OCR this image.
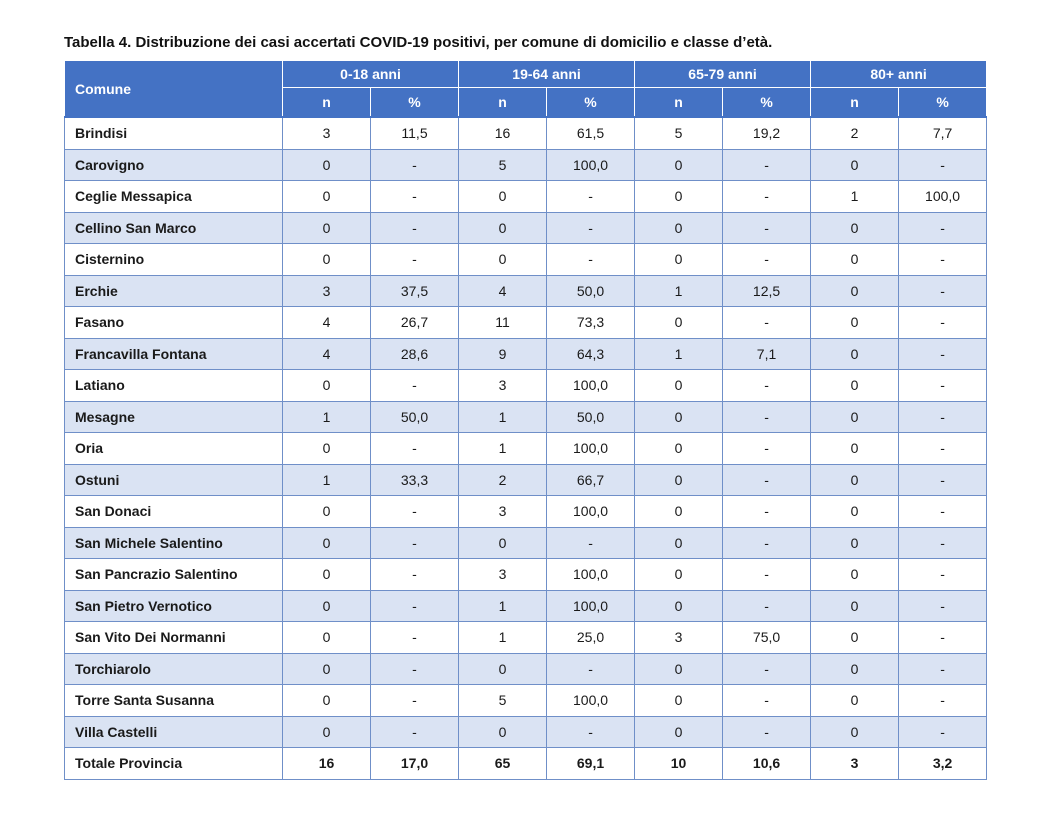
Tabella 4. Distribuzione dei casi accertati COVID-19 positivi, per comune di domicilio e classe d’età.
Comune	0-18 anni		19-64 anni		65-79 anni		80+ anni	
	n	%	n	%	n	%	n	%
Brindisi	3	11,5	16	61,5	5	19,2	2	7,7
Carovigno	0	-	5	100,0	0	-	0	-
Ceglie Messapica	0	-	0	-	0	-	1	100,0
Cellino San Marco	0	-	0	-	0	-	0	-
Cisternino	0	-	0	-	0	-	0	-
Erchie	3	37,5	4	50,0	1	12,5	0	-
Fasano	4	26,7	11	73,3	0	-	0	-
Francavilla Fontana	4	28,6	9	64,3	1	7,1	0	-
Latiano	0	-	3	100,0	0	-	0	-
Mesagne	1	50,0	1	50,0	0	-	0	-
Oria	0	-	1	100,0	0	-	0	-
Ostuni	1	33,3	2	66,7	0	-	0	-
San Donaci	0	-	3	100,0	0	-	0	-
San Michele Salentino	0	-	0	-	0	-	0	-
San Pancrazio Salentino	0	-	3	100,0	0	-	0	-
San Pietro Vernotico	0	-	1	100,0	0	-	0	-
San Vito Dei Normanni	0	-	1	25,0	3	75,0	0	-
Torchiarolo	0	-	0	-	0	-	0	-
Torre Santa Susanna	0	-	5	100,0	0	-	0	-
Villa Castelli	0	-	0	-	0	-	0	-
Totale Provincia	16	17,0	65	69,1	10	10,6	3	3,2
